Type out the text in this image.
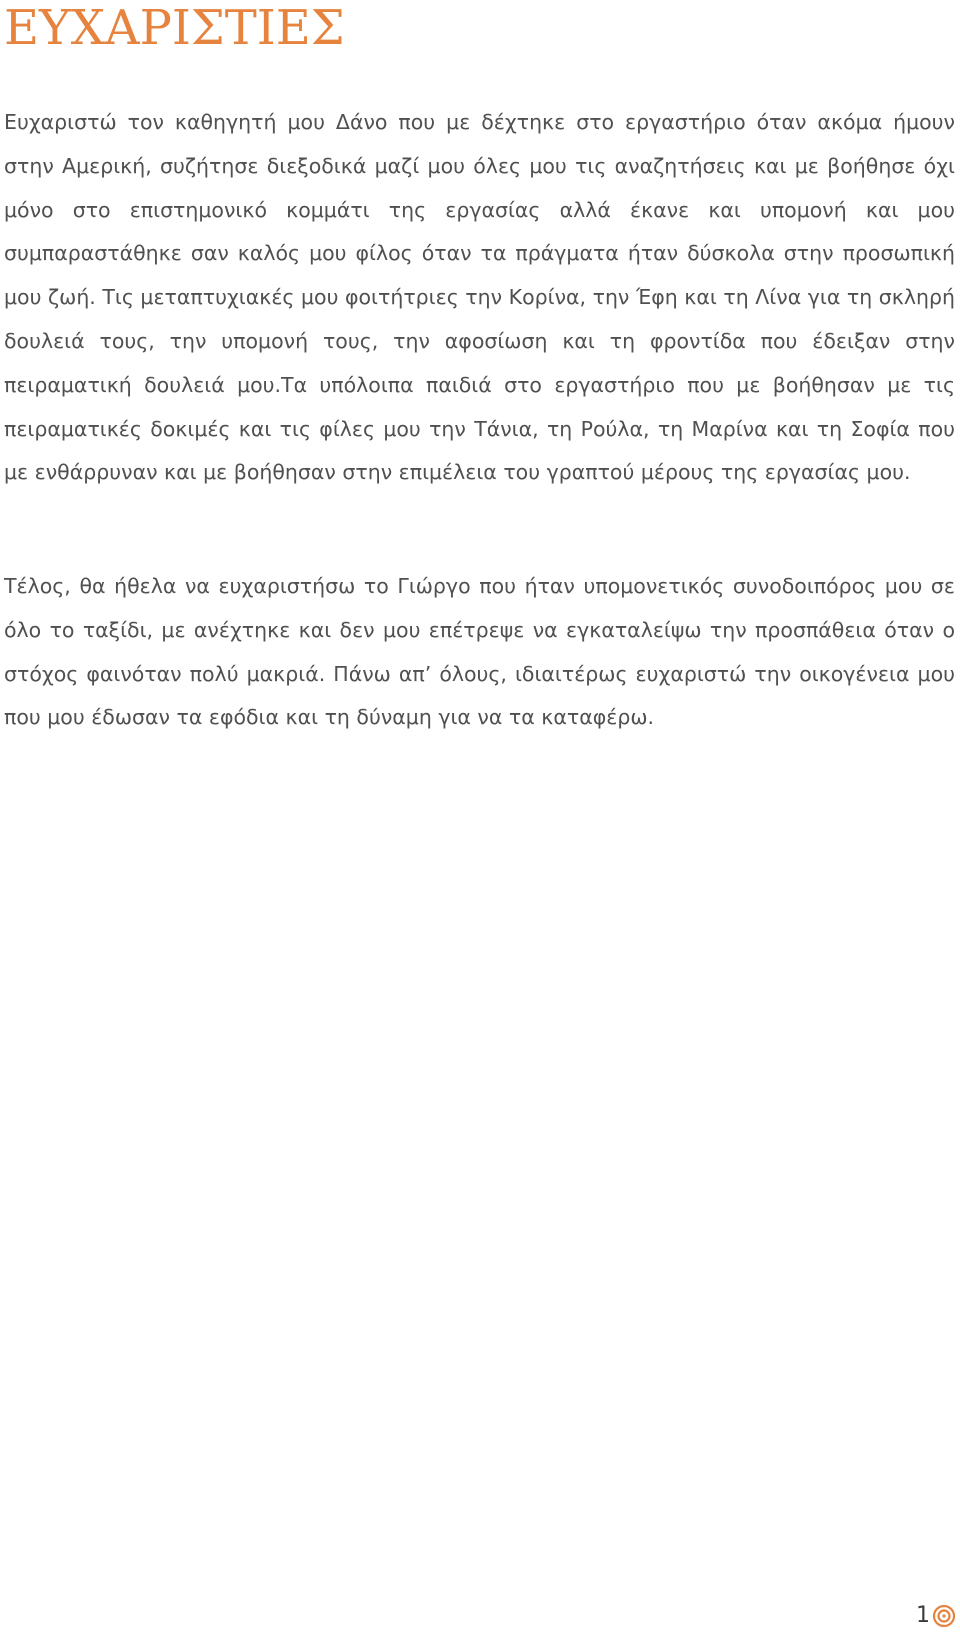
ΕΥΧΑΡΙΣΤΙΕΣ

Ευχαριστώ τον καθηγητή μου Δάνο που με δέχτηκε στο εργαστήριο όταν ακόμα ήμουν στην Αμερική, συζήτησε διεξοδικά μαζί μου όλες μου τις αναζητήσεις και με βοήθησε όχι μόνο στο επιστημονικό κομμάτι της εργασίας αλλά έκανε και υπομονή και μου συμπαραστάθηκε σαν καλός μου φίλος όταν τα πράγματα ήταν δύσκολα στην προσωπική μου ζωή. Τις μεταπτυχιακές μου φοιτήτριες την Κορίνα, την Έφη και τη Λίνα για τη σκληρή δουλειά τους, την υπομονή τους, την αφοσίωση και τη φροντίδα που έδειξαν στην πειραματική δουλειά μου.Τα υπόλοιπα παιδιά στο εργαστήριο που με βοήθησαν με τις πειραματικές δοκιμές και τις φίλες μου την Τάνια, τη Ρούλα, τη Μαρίνα και τη Σοφία που με ενθάρρυναν και με βοήθησαν στην επιμέλεια του γραπτού μέρους της εργασίας μου.

Τέλος, θα ήθελα να ευχαριστήσω το Γιώργο που ήταν υπομονετικός συνοδοιπόρος μου σε όλο το ταξίδι, με ανέχτηκε και δεν μου επέτρεψε να εγκαταλείψω την προσπάθεια όταν ο στόχος φαινόταν πολύ μακριά. Πάνω απ’ όλους, ιδιαιτέρως ευχαριστώ την οικογένεια μου που μου έδωσαν τα εφόδια και τη δύναμη για να τα καταφέρω.

1
